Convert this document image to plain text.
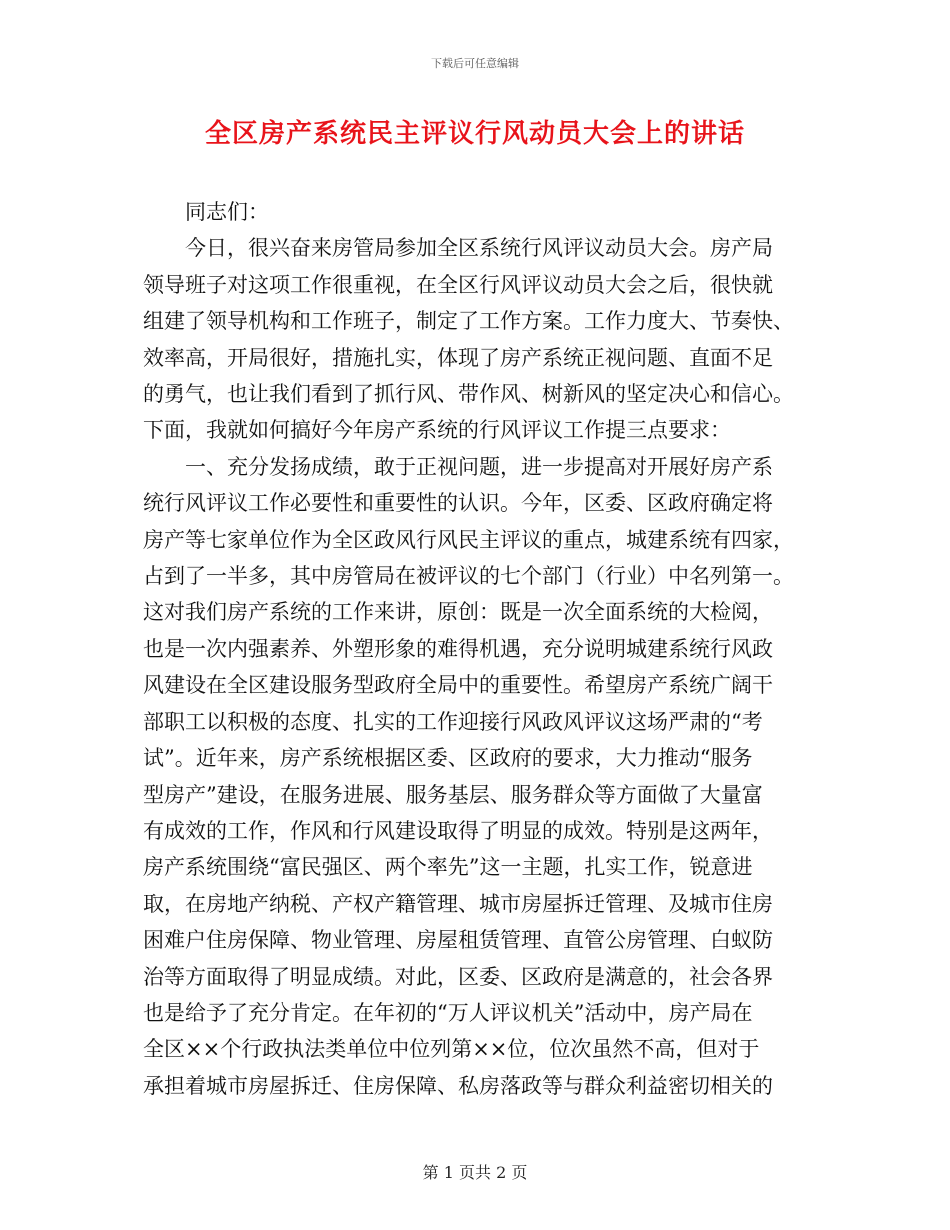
下载后可任意编辑
全区房产系统民主评议行风动员大会上的讲话

同志们：

今日，很兴奋来房管局参加全区系统行风评议动员大会。房产局
领导班子对这项工作很重视，在全区行风评议动员大会之后，很快就
组建了领导机构和工作班子，制定了工作方案。工作力度大、节奏快、
效率高，开局很好，措施扎实，体现了房产系统正视问题、直面不足
的勇气，也让我们看到了抓行风、带作风、树新风的坚定决心和信心。
下面，我就如何搞好今年房产系统的行风评议工作提三点要求：

一、充分发扬成绩，敢于正视问题，进一步提高对开展好房产系
统行风评议工作必要性和重要性的认识。今年，区委、区政府确定将
房产等七家单位作为全区政风行风民主评议的重点，城建系统有四家，
占到了一半多，其中房管局在被评议的七个部门（行业）中名列第一。
这对我们房产系统的工作来讲，原创：既是一次全面系统的大检阅，
也是一次内强素养、外塑形象的难得机遇，充分说明城建系统行风政
风建设在全区建设服务型政府全局中的重要性。希望房产系统广阔干
部职工以积极的态度、扎实的工作迎接行风政风评议这场严肃的“考
试”。近年来，房产系统根据区委、区政府的要求，大力推动“服务
型房产”建设，在服务进展、服务基层、服务群众等方面做了大量富
有成效的工作，作风和行风建设取得了明显的成效。特别是这两年，
房产系统围绕“富民强区、两个率先”这一主题，扎实工作，锐意进
取，在房地产纳税、产权产籍管理、城市房屋拆迁管理、及城市住房
困难户住房保障、物业管理、房屋租赁管理、直管公房管理、白蚁防
治等方面取得了明显成绩。对此，区委、区政府是满意的，社会各界
也是给予了充分肯定。在年初的“万人评议机关”活动中，房产局在
全区××个行政执法类单位中位列第××位，位次虽然不高，但对于
承担着城市房屋拆迁、住房保障、私房落政等与群众利益密切相关的

第 1 页共 2 页
